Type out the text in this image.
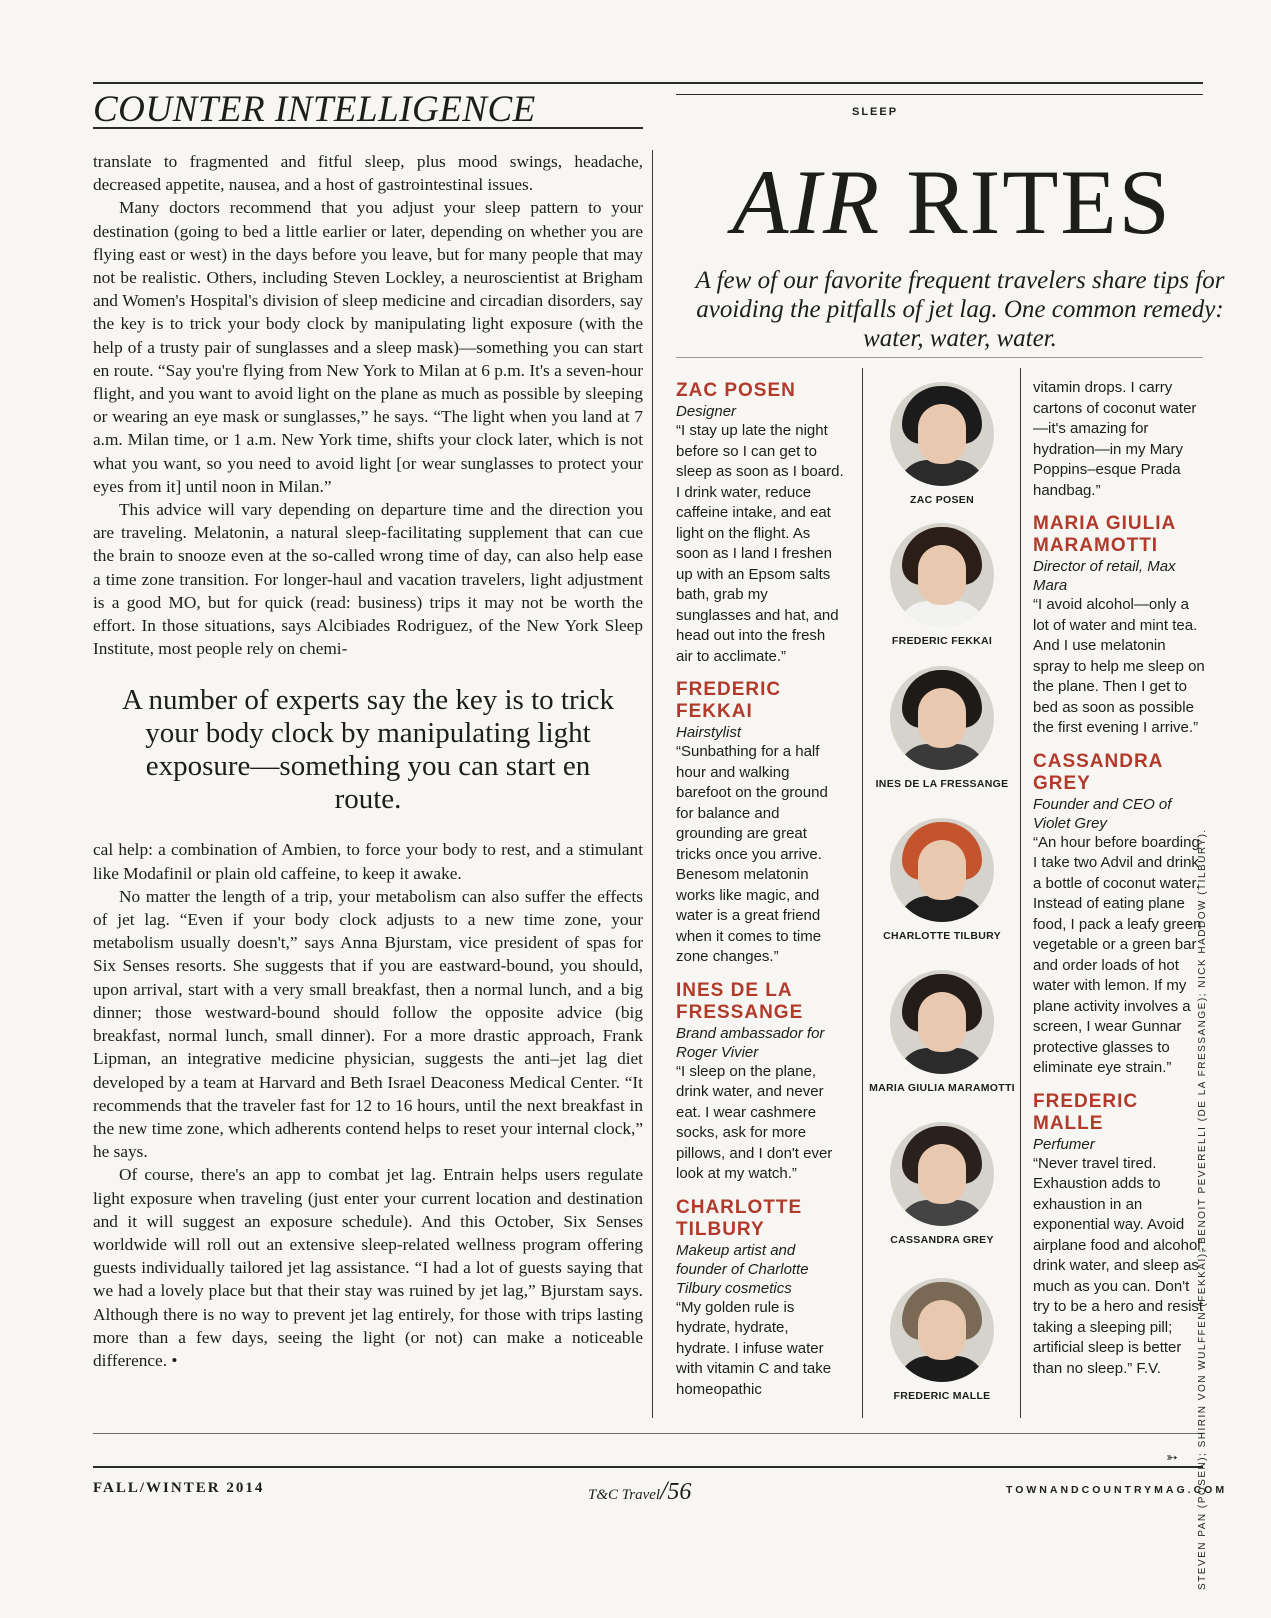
COUNTER INTELLIGENCE	SLEEP

translate to fragmented and fitful sleep, plus mood swings, headache, decreased appetite, nausea, and a host of gastrointestinal issues.

Many doctors recommend that you adjust your sleep pattern to your destination (going to bed a little earlier or later, depending on whether you are flying east or west) in the days before you leave, but for many people that may not be realistic. Others, including Steven Lockley, a neuroscientist at Brigham and Women's Hospital's division of sleep medicine and circadian disorders, say the key is to trick your body clock by manipulating light exposure (with the help of a trusty pair of sunglasses and a sleep mask)—something you can start en route. “Say you're flying from New York to Milan at 6 p.m. It's a seven-hour flight, and you want to avoid light on the plane as much as possible by sleeping or wearing an eye mask or sunglasses,” he says. “The light when you land at 7 a.m. Milan time, or 1 a.m. New York time, shifts your clock later, which is not what you want, so you need to avoid light [or wear sunglasses to protect your eyes from it] until noon in Milan.”

This advice will vary depending on departure time and the direction you are traveling. Melatonin, a natural sleep-facilitating supplement that can cue the brain to snooze even at the so-called wrong time of day, can also help ease a time zone transition. For longer-haul and vacation travelers, light adjustment is a good MO, but for quick (read: business) trips it may not be worth the effort. In those situations, says Alcibiades Rodriguez, of the New York Sleep Institute, most people rely on chemi-

A number of experts say the key is to trick your body clock by manipulating light exposure—something you can start en route.

cal help: a combination of Ambien, to force your body to rest, and a stimulant like Modafinil or plain old caffeine, to keep it awake.

No matter the length of a trip, your metabolism can also suffer the effects of jet lag. “Even if your body clock adjusts to a new time zone, your metabolism usually doesn't,” says Anna Bjurstam, vice president of spas for Six Senses resorts. She suggests that if you are eastward-bound, you should, upon arrival, start with a very small breakfast, then a normal lunch, and a big dinner; those westward-bound should follow the opposite advice (big breakfast, normal lunch, small dinner). For a more drastic approach, Frank Lipman, an integrative medicine physician, suggests the anti–jet lag diet developed by a team at Harvard and Beth Israel Deaconess Medical Center. “It recommends that the traveler fast for 12 to 16 hours, until the next breakfast in the new time zone, which adherents contend helps to reset your internal clock,” he says.

Of course, there's an app to combat jet lag. Entrain helps users regulate light exposure when traveling (just enter your current location and destination and it will suggest an exposure schedule). And this October, Six Senses worldwide will roll out an extensive sleep-related wellness program offering guests individually tailored jet lag assistance. “I had a lot of guests saying that we had a lovely place but that their stay was ruined by jet lag,” Bjurstam says. Although there is no way to prevent jet lag entirely, for those with trips lasting more than a few days, seeing the light (or not) can make a noticeable difference. •

AIR RITES
A few of our favorite frequent travelers share tips for avoiding the pitfalls of jet lag. One common remedy: water, water, water.
ZAC POSEN
Designer
“I stay up late the night before so I can get to sleep as soon as I board. I drink water, reduce caffeine intake, and eat light on the flight. As soon as I land I freshen up with an Epsom salts bath, grab my sunglasses and hat, and head out into the fresh air to acclimate.”
FREDERIC FEKKAI
Hairstylist
“Sunbathing for a half hour and walking barefoot on the ground for balance and grounding are great tricks once you arrive. Benesom melatonin works like magic, and water is a great friend when it comes to time zone changes.”
INES DE LA FRESSANGE
Brand ambassador for Roger Vivier
“I sleep on the plane, drink water, and never eat. I wear cashmere socks, ask for more pillows, and I don't ever look at my watch.”
CHARLOTTE TILBURY
Makeup artist and founder of Charlotte Tilbury cosmetics
“My golden rule is hydrate, hydrate, hydrate. I infuse water with vitamin C and take homeopathic
ZAC POSEN
FREDERIC FEKKAI
INES DE LA FRESSANGE
CHARLOTTE TILBURY
MARIA GIULIA MARAMOTTI
CASSANDRA GREY
FREDERIC MALLE
vitamin drops. I carry cartons of coconut water—it's amazing for hydration—in my Mary Poppins–esque Prada handbag.”
MARIA GIULIA MARAMOTTI
Director of retail, Max Mara
“I avoid alcohol—only a lot of water and mint tea. And I use melatonin spray to help me sleep on the plane. Then I get to bed as soon as possible the first evening I arrive.”
CASSANDRA GREY
Founder and CEO of Violet Grey
“An hour before boarding I take two Advil and drink a bottle of coconut water. Instead of eating plane food, I pack a leafy green vegetable or a green bar and order loads of hot water with lemon. If my plane activity involves a screen, I wear Gunnar protective glasses to eliminate eye strain.”
FREDERIC MALLE
Perfumer
“Never travel tired. Exhaustion adds to exhaustion in an exponential way. Avoid airplane food and alcohol, drink water, and sleep as much as you can. Don't try to be a hero and resist taking a sleeping pill; artificial sleep is better than no sleep.” F.V.
➳
FALL/WINTER 2014	T&C Travel/56	TOWNANDCOUNTRYMAG.COM
STEVEN PAN (POSEN); SHIRIN VON WULFFEN (FEKKAI); BENOIT PEVERELLI (DE LA FRESSANGE); NICK HADDOW (TILBURY).
